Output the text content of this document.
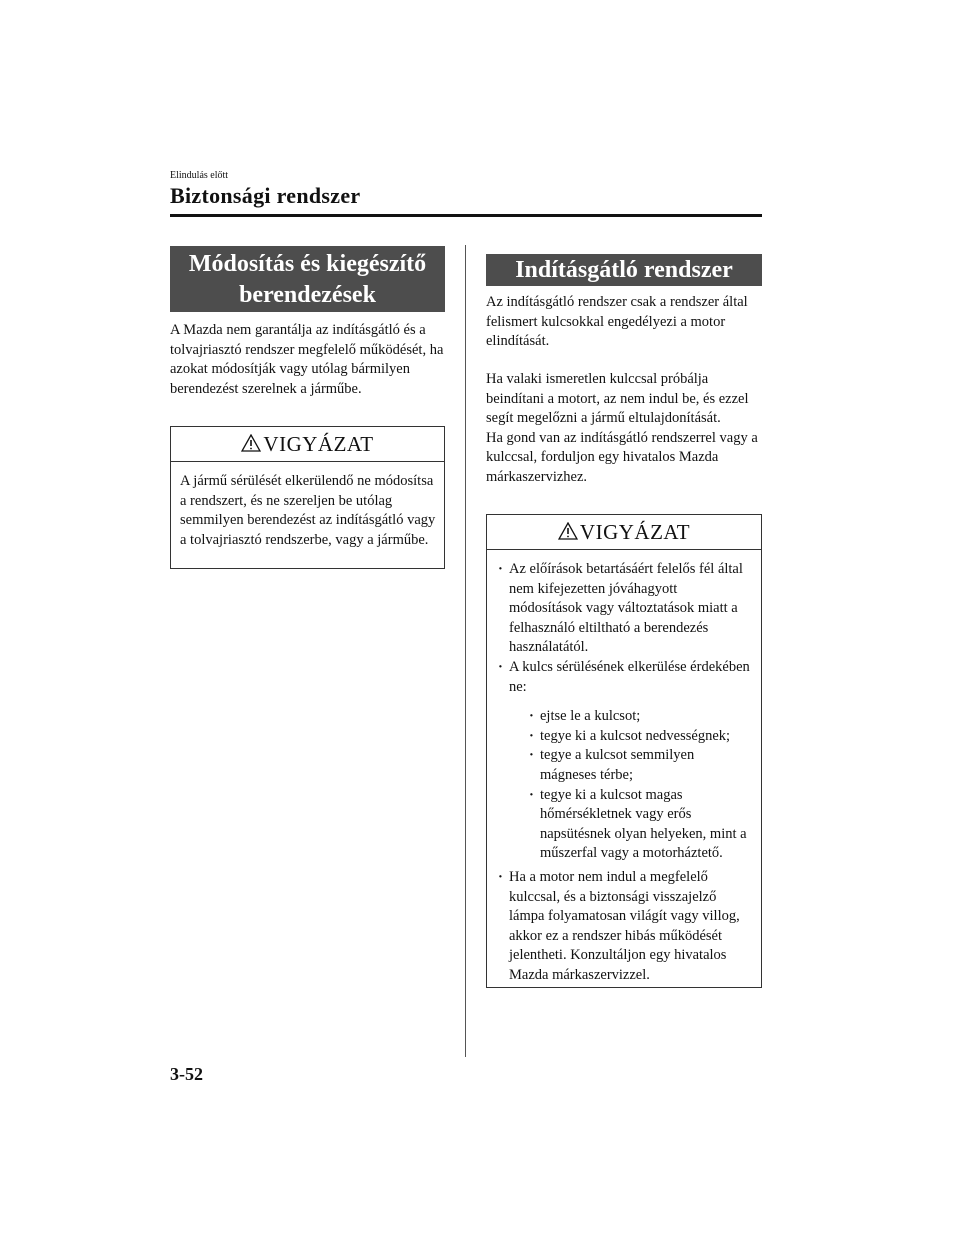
Elindulás előtt
Biztonsági rendszer
Módosítás és kiegészítő
berendezések
A Mazda nem garantálja az indításgátló és a tolvajriasztó rendszer megfelelő működését, ha azokat módosítják vagy utólag bármilyen berendezést szerelnek a járműbe.
VIGYÁZAT
A jármű sérülését elkerülendő ne módosítsa a rendszert, és ne szereljen be utólag semmilyen berendezést az indításgátló vagy a tolvajriasztó rendszerbe, vagy a járműbe.
Indításgátló rendszer
Az indításgátló rendszer csak a rendszer által felismert kulcsokkal engedélyezi a motor elindítását.
Ha valaki ismeretlen kulccsal próbálja beindítani a motort, az nem indul be, és ezzel segít megelőzni a jármű eltulajdonítását.
Ha gond van az indításgátló rendszerrel vagy a kulccsal, forduljon egy hivatalos Mazda márkaszervizhez.
VIGYÁZAT
· Az előírások betartásáért felelős fél által nem kifejezetten jóváhagyott módosítások vagy változtatások miatt a felhasználó eltiltható a berendezés használatától.
· A kulcs sérülésének elkerülése érdekében ne:
· ejtse le a kulcsot;
· tegye ki a kulcsot nedvességnek;
· tegye a kulcsot semmilyen mágneses térbe;
· tegye ki a kulcsot magas hőmérsékletnek vagy erős napsütésnek olyan helyeken, mint a műszerfal vagy a motorháztető.
· Ha a motor nem indul a megfelelő kulccsal, és a biztonsági visszajelző lámpa folyamatosan világít vagy villog, akkor ez a rendszer hibás működését jelentheti. Konzultáljon egy hivatalos Mazda márkaszervizzel.
3-52
